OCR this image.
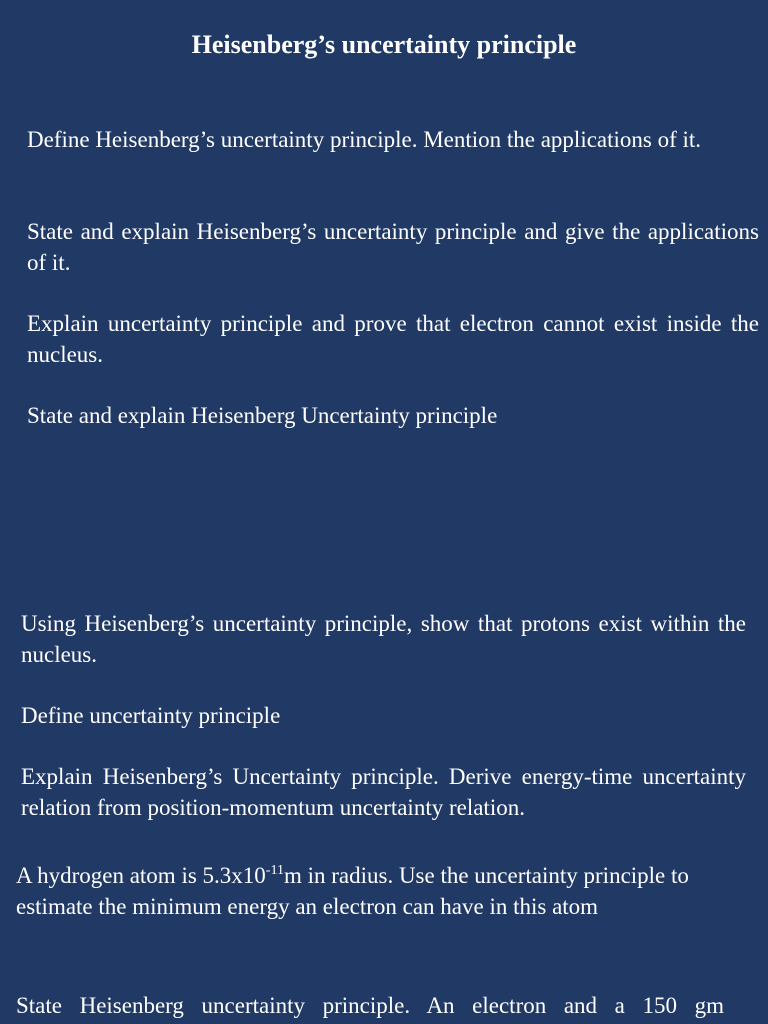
Heisenberg’s uncertainty principle
Define Heisenberg’s uncertainty principle. Mention the applications of it.
State and explain Heisenberg’s uncertainty principle and give the applications of it.
Explain uncertainty principle and prove that electron cannot exist inside the nucleus.
State and explain Heisenberg Uncertainty principle
Using Heisenberg’s uncertainty principle, show that protons exist within the nucleus.
Define uncertainty principle
Explain Heisenberg’s Uncertainty principle. Derive energy-time uncertainty relation from position-momentum uncertainty relation.
A hydrogen atom is $5.3x10^{-11}m$ in radius. Use the uncertainty principle to estimate the minimum energy an electron can have in this atom
State Heisenberg uncertainty principle. An electron and a 150 gm
